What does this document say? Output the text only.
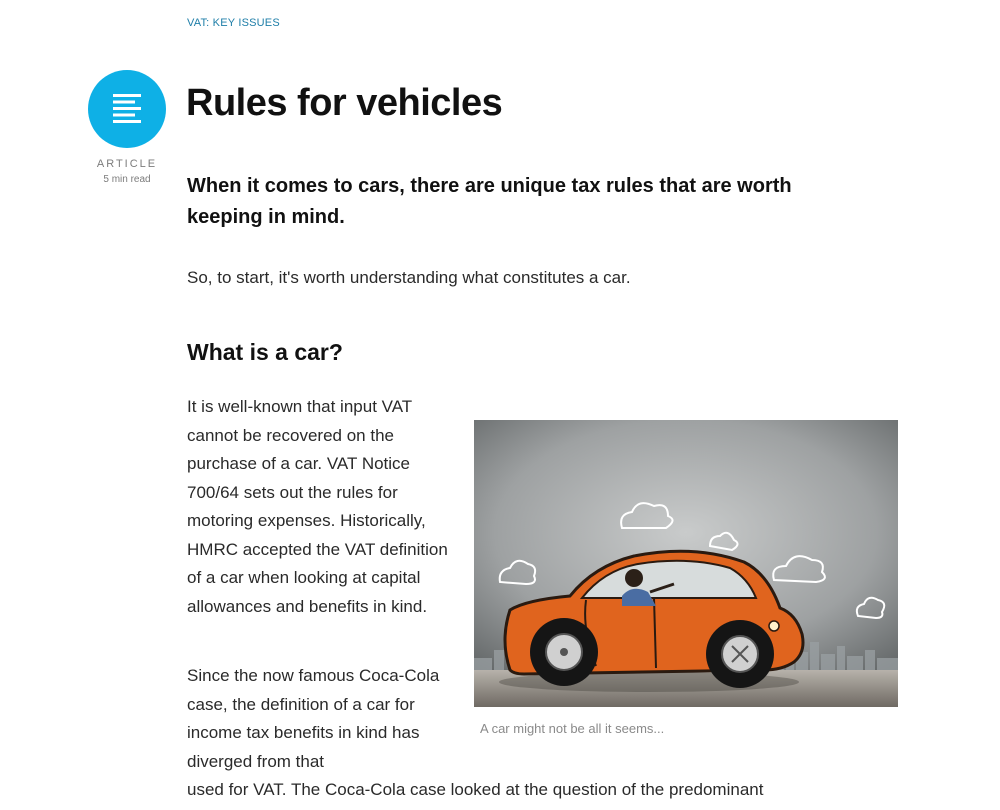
VAT: KEY ISSUES
ARTICLE
5 min read
Rules for vehicles

When it comes to cars, there are unique tax rules that are worth keeping in mind.

So, to start, it's worth understanding what constitutes a car.

What is a car?

It is well-known that input VAT cannot be recovered on the purchase of a car. VAT Notice 700/64 sets out the rules for motoring expenses. Historically, HMRC accepted the VAT definition of a car when looking at capital allowances and benefits in kind.

Since the now famous Coca-Cola case, the definition of a car for income tax benefits in kind has diverged from that

used for VAT. The Coca-Cola case looked at the question of the predominant

A car might not be all it seems...
